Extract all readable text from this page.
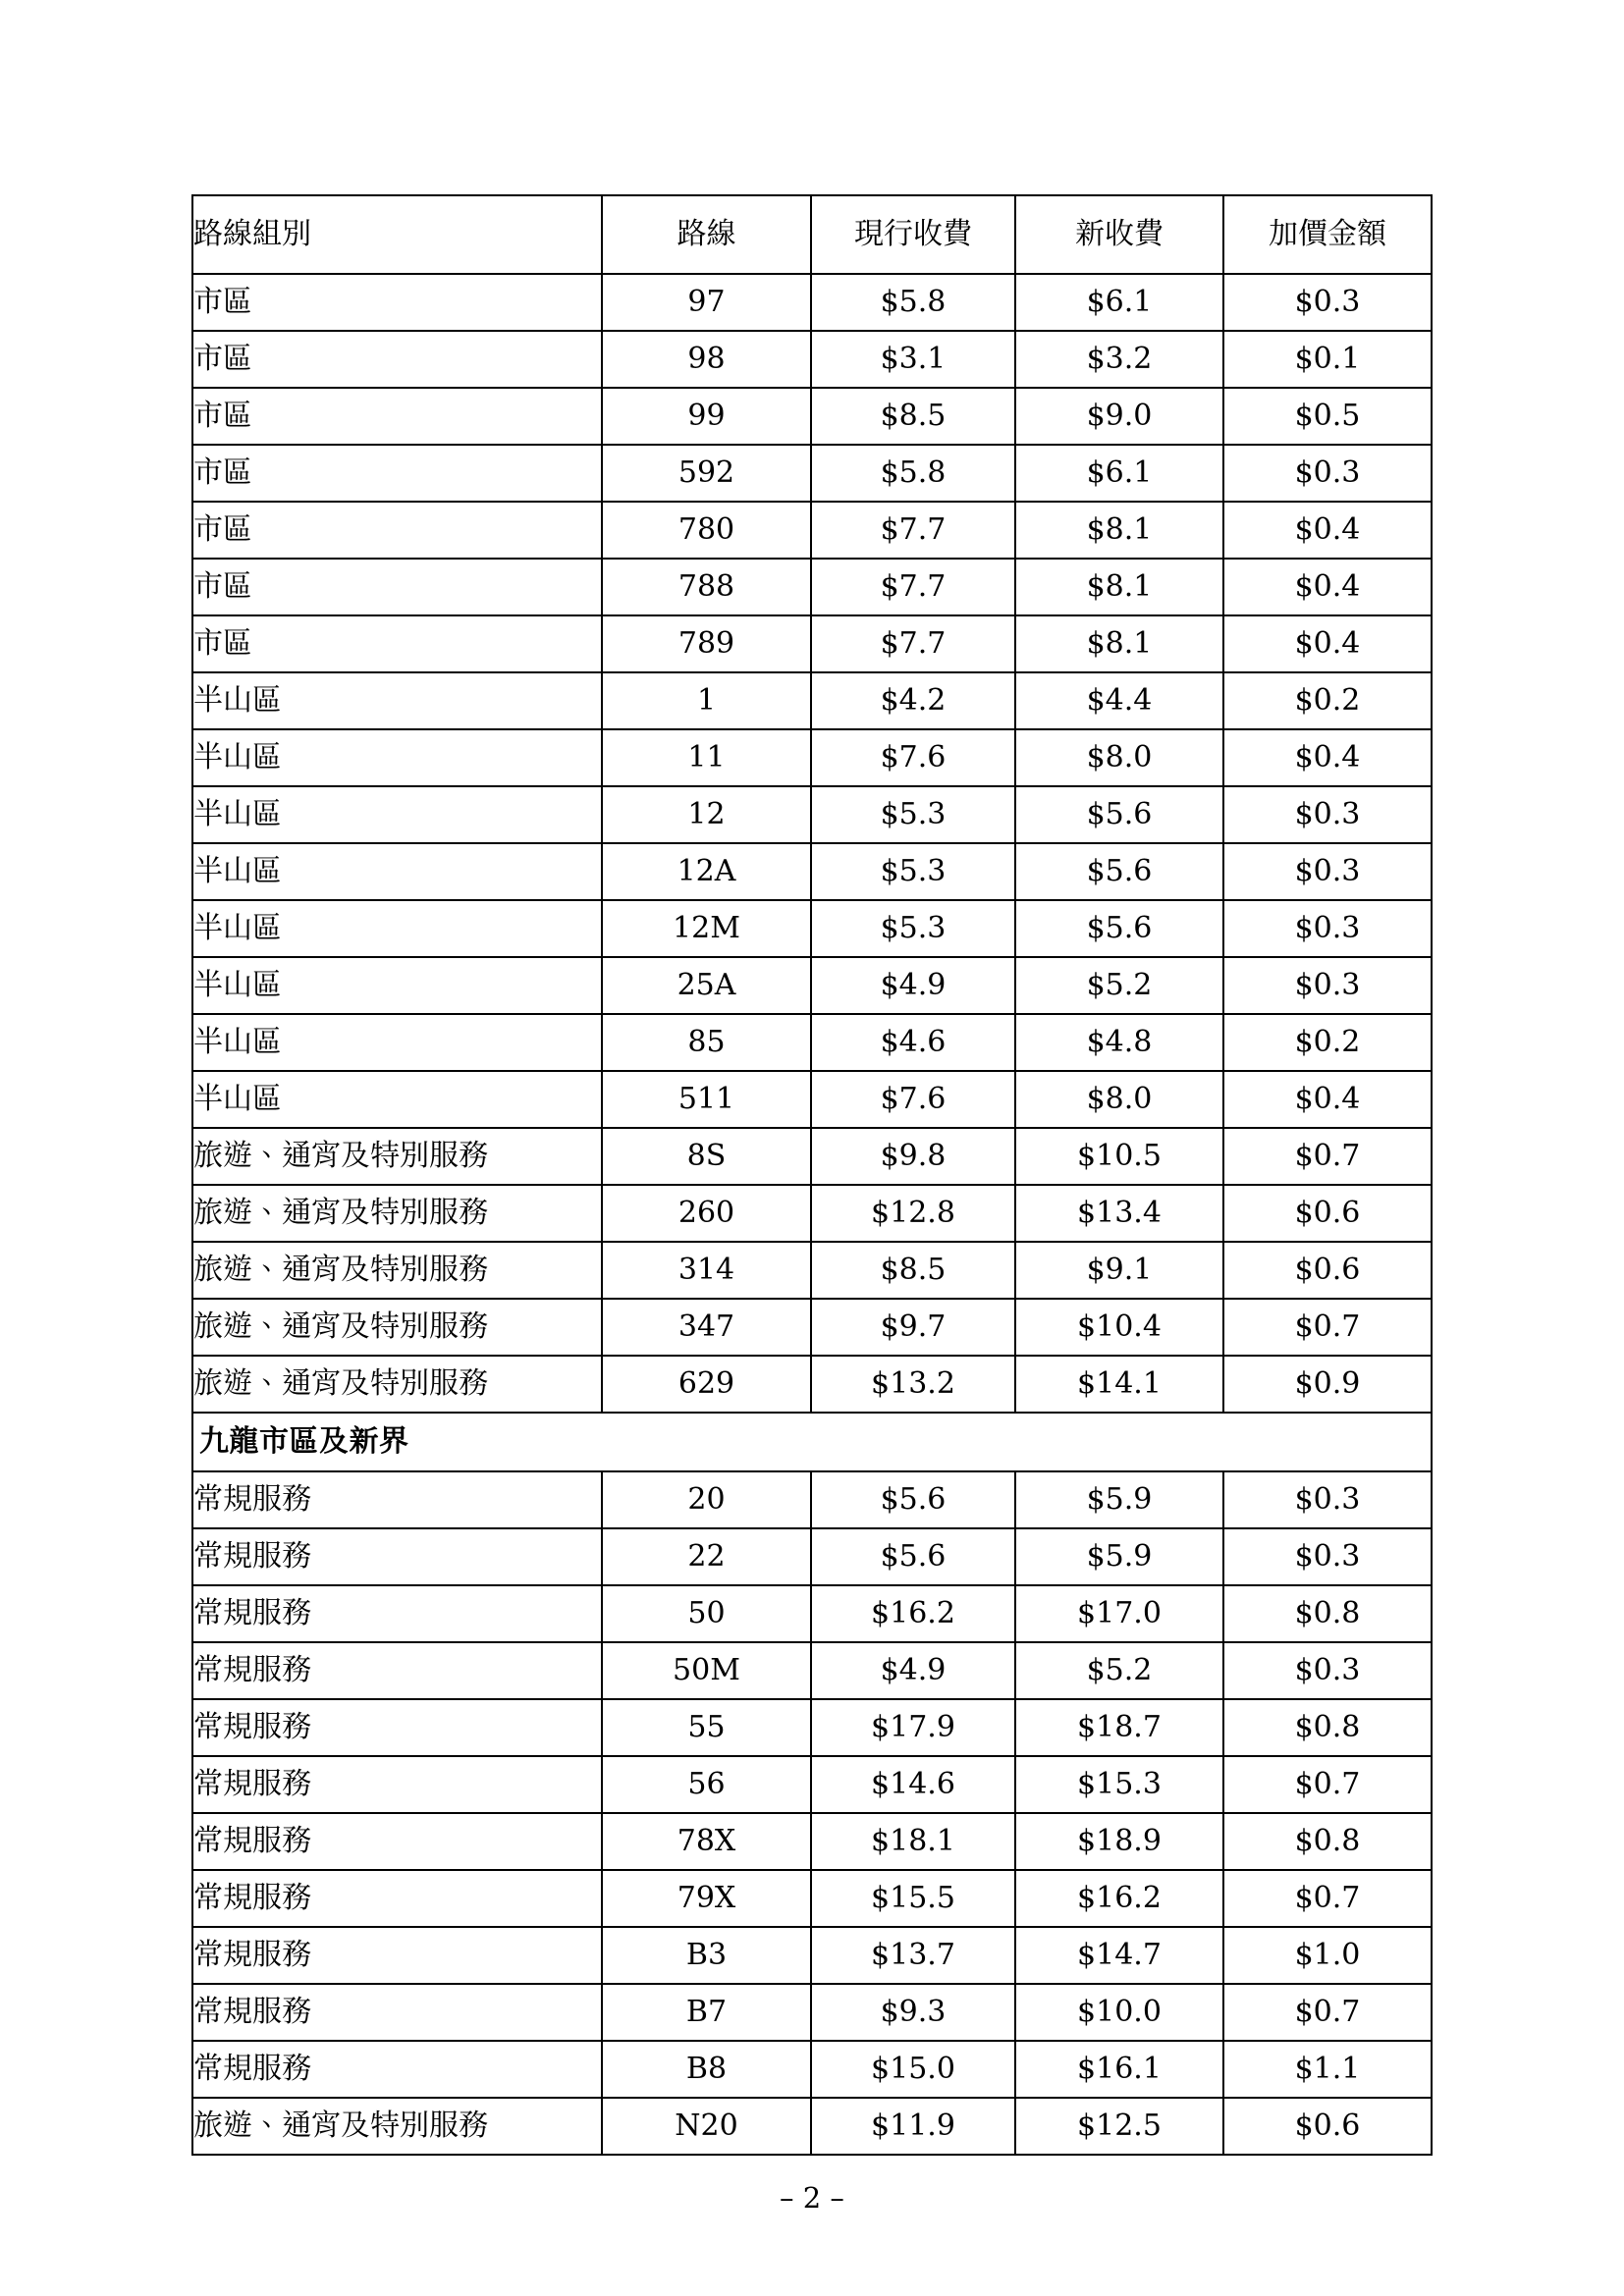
路線組別	路線	現行收費	新收費	加價金額
市區	97	$5.8	$6.1	$0.3
市區	98	$3.1	$3.2	$0.1
市區	99	$8.5	$9.0	$0.5
市區	592	$5.8	$6.1	$0.3
市區	780	$7.7	$8.1	$0.4
市區	788	$7.7	$8.1	$0.4
市區	789	$7.7	$8.1	$0.4
半山區	1	$4.2	$4.4	$0.2
半山區	11	$7.6	$8.0	$0.4
半山區	12	$5.3	$5.6	$0.3
半山區	12A	$5.3	$5.6	$0.3
半山區	12M	$5.3	$5.6	$0.3
半山區	25A	$4.9	$5.2	$0.3
半山區	85	$4.6	$4.8	$0.2
半山區	511	$7.6	$8.0	$0.4
旅遊、通宵及特別服務	8S	$9.8	$10.5	$0.7
旅遊、通宵及特別服務	260	$12.8	$13.4	$0.6
旅遊、通宵及特別服務	314	$8.5	$9.1	$0.6
旅遊、通宵及特別服務	347	$9.7	$10.4	$0.7
旅遊、通宵及特別服務	629	$13.2	$14.1	$0.9
九龍市區及新界				
常規服務	20	$5.6	$5.9	$0.3
常規服務	22	$5.6	$5.9	$0.3
常規服務	50	$16.2	$17.0	$0.8
常規服務	50M	$4.9	$5.2	$0.3
常規服務	55	$17.9	$18.7	$0.8
常規服務	56	$14.6	$15.3	$0.7
常規服務	78X	$18.1	$18.9	$0.8
常規服務	79X	$15.5	$16.2	$0.7
常規服務	B3	$13.7	$14.7	$1.0
常規服務	B7	$9.3	$10.0	$0.7
常規服務	B8	$15.0	$16.1	$1.1
旅遊、通宵及特別服務	N20	$11.9	$12.5	$0.6
– 2 –
